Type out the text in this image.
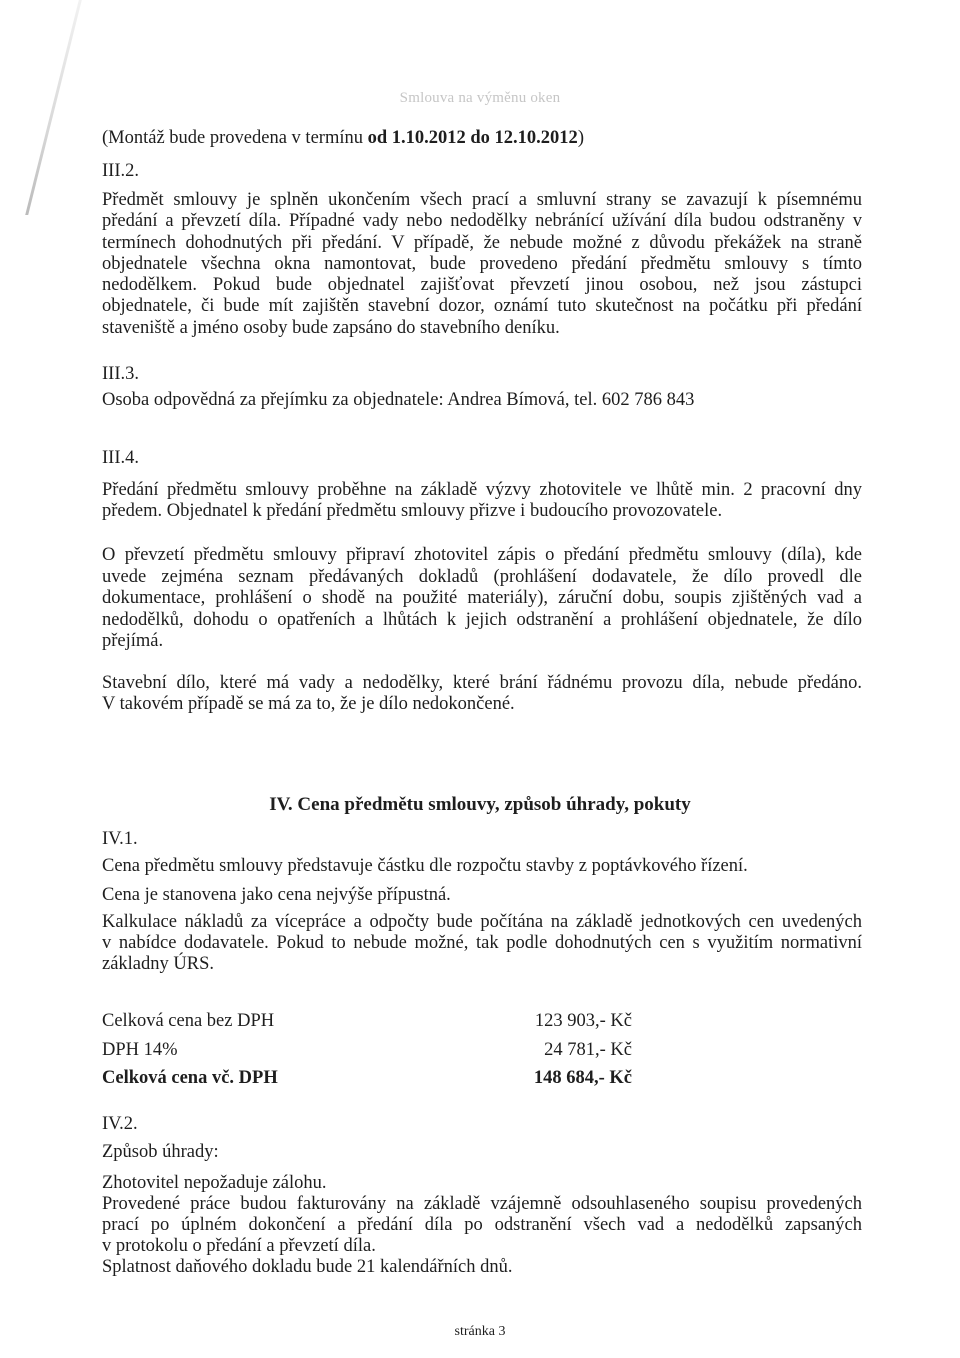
Smlouva na výměnu oken
(Montáž bude provedena v termínu od 1.10.2012 do 12.10.2012)
III.2.
Předmět smlouvy je splněn ukončením všech prací a smluvní strany se zavazují k písemnému
předání a převzetí díla. Případné vady nebo nedodělky nebránící užívání díla budou odstraněny v
termínech dohodnutých při předání. V případě, že nebude možné z důvodu překážek na straně
objednatele všechna okna namontovat, bude provedeno předání předmětu smlouvy s tímto
nedodělkem. Pokud bude objednatel zajišťovat převzetí jinou osobou, než jsou zástupci
objednatele, či bude mít zajištěn stavební dozor, oznámí tuto skutečnost na počátku při předání
staveniště a jméno osoby bude zapsáno do stavebního deníku.
III.3.
Osoba odpovědná za přejímku za objednatele: Andrea Bímová, tel. 602 786 843
III.4.
Předání předmětu smlouvy proběhne na základě výzvy zhotovitele ve lhůtě min. 2 pracovní dny
předem. Objednatel k předání předmětu smlouvy přizve i budoucího provozovatele.
O převzetí předmětu smlouvy připraví zhotovitel zápis o předání předmětu smlouvy (díla), kde
uvede zejména seznam předávaných dokladů (prohlášení dodavatele, že dílo provedl dle
dokumentace, prohlášení o shodě na použité materiály), záruční dobu, soupis zjištěných vad a
nedodělků, dohodu o opatřeních a lhůtách k jejich odstranění a prohlášení objednatele, že dílo
přejímá.
Stavební dílo, které má vady a nedodělky, které brání řádnému provozu díla, nebude předáno.
V takovém případě se má za to, že je dílo nedokončené.
IV. Cena předmětu smlouvy, způsob úhrady, pokuty
IV.1.
Cena předmětu smlouvy představuje částku dle rozpočtu stavby z poptávkového řízení.
Cena je stanovena jako cena nejvýše přípustná.
Kalkulace nákladů za vícepráce a odpočty bude počítána na základě jednotkových cen uvedených
v nabídce dodavatele. Pokud to nebude možné, tak podle dohodnutých cen s využitím normativní
základny ÚRS.
Celková cena bez DPH	123 903,- Kč
DPH 14%	24 781,- Kč
Celková cena vč. DPH	148 684,- Kč
IV.2.
Způsob úhrady:
Zhotovitel nepožaduje zálohu.
Provedené práce budou fakturovány na základě vzájemně odsouhlaseného soupisu provedených
prací po úplném dokončení a předání díla po odstranění všech vad a nedodělků zapsaných
v protokolu o předání a převzetí díla.
Splatnost daňového dokladu bude 21 kalendářních dnů.
stránka 3
